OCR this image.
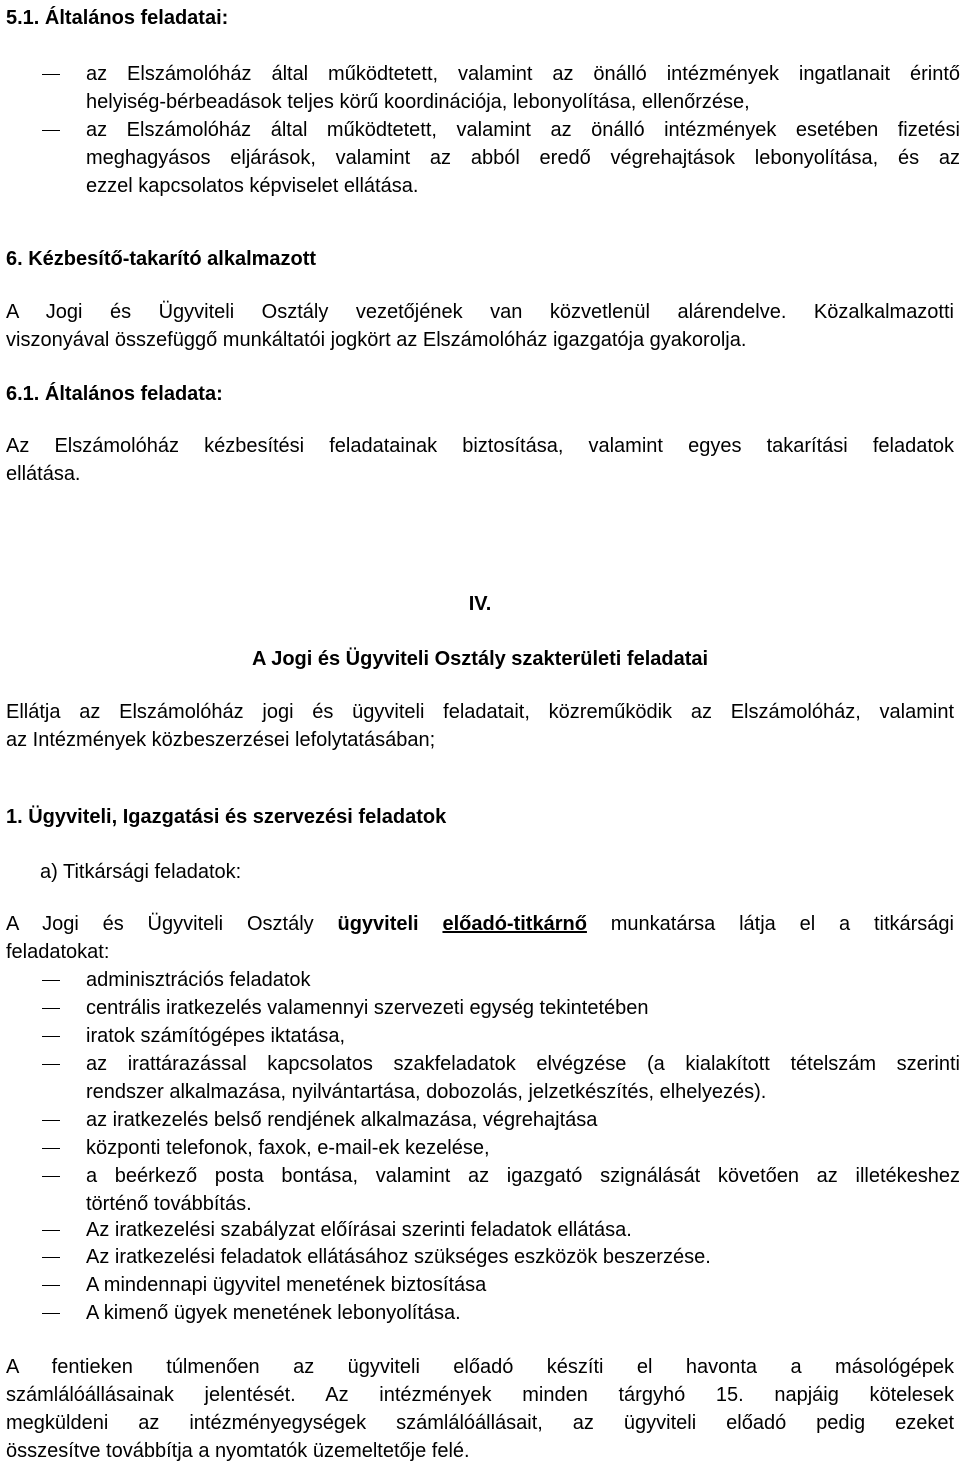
5.1. Általános feladatai:
az Elszámolóház által működtetett, valamint az önálló intézmények ingatlanait érintő
helyiség-bérbeadások teljes körű koordinációja, lebonyolítása, ellenőrzése,
az Elszámolóház által működtetett, valamint az önálló intézmények esetében fizetési
meghagyásos eljárások, valamint az abból eredő végrehajtások lebonyolítása, és az
ezzel kapcsolatos képviselet ellátása.
6. Kézbesítő-takarító alkalmazott
A Jogi és Ügyviteli Osztály vezetőjének van közvetlenül alárendelve. Közalkalmazotti
viszonyával összefüggő munkáltatói jogkört az Elszámolóház igazgatója gyakorolja.
6.1. Általános feladata:
Az Elszámolóház kézbesítési feladatainak biztosítása, valamint egyes takarítási feladatok
ellátása.
IV.
A Jogi és Ügyviteli Osztály szakterületi feladatai
Ellátja az Elszámolóház jogi és ügyviteli feladatait, közreműködik az Elszámolóház, valamint
az Intézmények közbeszerzései lefolytatásában;
1. Ügyviteli, Igazgatási és szervezési feladatok
a) Titkársági feladatok:
A Jogi és Ügyviteli Osztály ügyviteli előadó-titkárnő munkatársa látja el a titkársági
feladatokat:
adminisztrációs feladatok
centrális iratkezelés valamennyi szervezeti egység tekintetében
iratok számítógépes iktatása,
az irattárazással kapcsolatos szakfeladatok elvégzése (a kialakított tételszám szerinti
rendszer alkalmazása, nyilvántartása, dobozolás, jelzetkészítés, elhelyezés).
az iratkezelés belső rendjének alkalmazása, végrehajtása
központi telefonok, faxok, e-mail-ek kezelése,
a beérkező posta bontása, valamint az igazgató szignálását követően az illetékeshez
történő továbbítás.
Az iratkezelési szabályzat előírásai szerinti feladatok ellátása.
Az iratkezelési feladatok ellátásához szükséges eszközök beszerzése.
A mindennapi ügyvitel menetének biztosítása
A kimenő ügyek menetének lebonyolítása.
A fentieken túlmenően az ügyviteli előadó készíti el havonta a másológépek
számlálóállásainak jelentését. Az intézmények minden tárgyhó 15. napjáig kötelesek
megküldeni az intézményegységek számlálóállásait, az ügyviteli előadó pedig ezeket
összesítve továbbítja a nyomtatók üzemeltetője felé.
